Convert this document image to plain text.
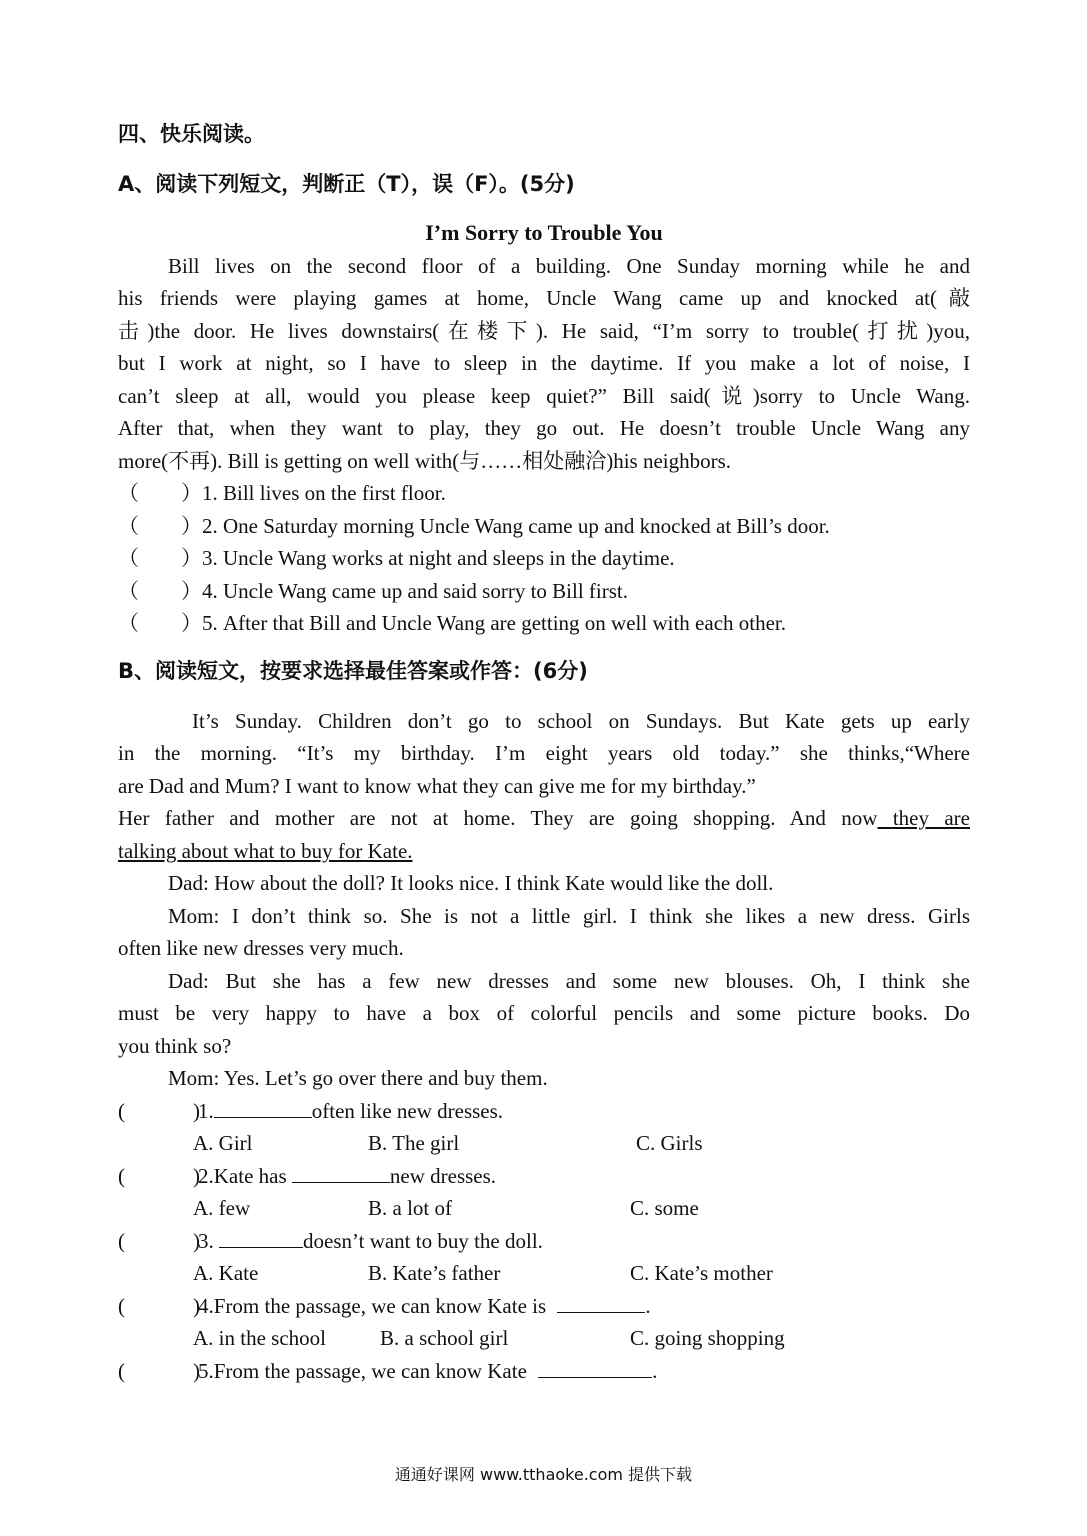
四、快乐阅读。
A、阅读下列短文，判断正（T），误（F）。(5分)
I’m Sorry to Trouble You
Bill lives on the second floor of a building. One Sunday morning while he and
his friends were playing games at home, Uncle Wang came up and knocked at(敲
击)the door. He lives downstairs(在楼下). He said, “I’m sorry to trouble(打扰)you,
but I work at night, so I have to sleep in the daytime. If you make a lot of noise, I
can’t sleep at all, would you please keep quiet?” Bill said(说)sorry to Uncle Wang.
After that, when they want to play, they go out. He doesn’t trouble Uncle Wang any
more(不再). Bill is getting on well with(与……相处融洽)his neighbors.
（　　）1. Bill lives on the first floor.
（　　）2. One Saturday morning Uncle Wang came up and knocked at Bill’s door.
（　　）3. Uncle Wang works at night and sleeps in the daytime.
（　　）4. Uncle Wang came up and said sorry to Bill first.
（　　）5. After that Bill and Uncle Wang are getting on well with each other.
B、阅读短文，按要求选择最佳答案或作答：(6分)
It’s Sunday. Children don’t go to school on Sundays. But Kate gets up early
in the morning. “It’s my birthday. I’m eight years old today.” she thinks,“Where
are Dad and Mum? I want to know what they can give me for my birthday.”
Her father and mother are not at home. They are going shopping. And now they are
talking about what to buy for Kate.
Dad: How about the doll? It looks nice. I think Kate would like the doll.
Mom: I don’t think so. She is not a little girl. I think she likes a new dress. Girls
often like new dresses very much.
Dad: But she has a few new dresses and some new blouses. Oh, I think she
must be very happy to have a box of colorful pencils and some picture books. Do
you think so?
Mom: Yes. Let’s go over there and buy them.
(	)1.	often like new dresses.
A. Girl	B. The girl	C. Girls
(	)2.Kate has	new dresses.
A. few	B. a lot of	C. some
(	)3.	doesn’t want to buy the doll.
A. Kate	B. Kate’s father	C. Kate’s mother
(	)4.From the passage, we can know Kate is	.
A. in the school	B. a school girl	C. going shopping
(	)5.From the passage, we can know Kate	.
通通好课网 www.tthaoke.com 提供下载
